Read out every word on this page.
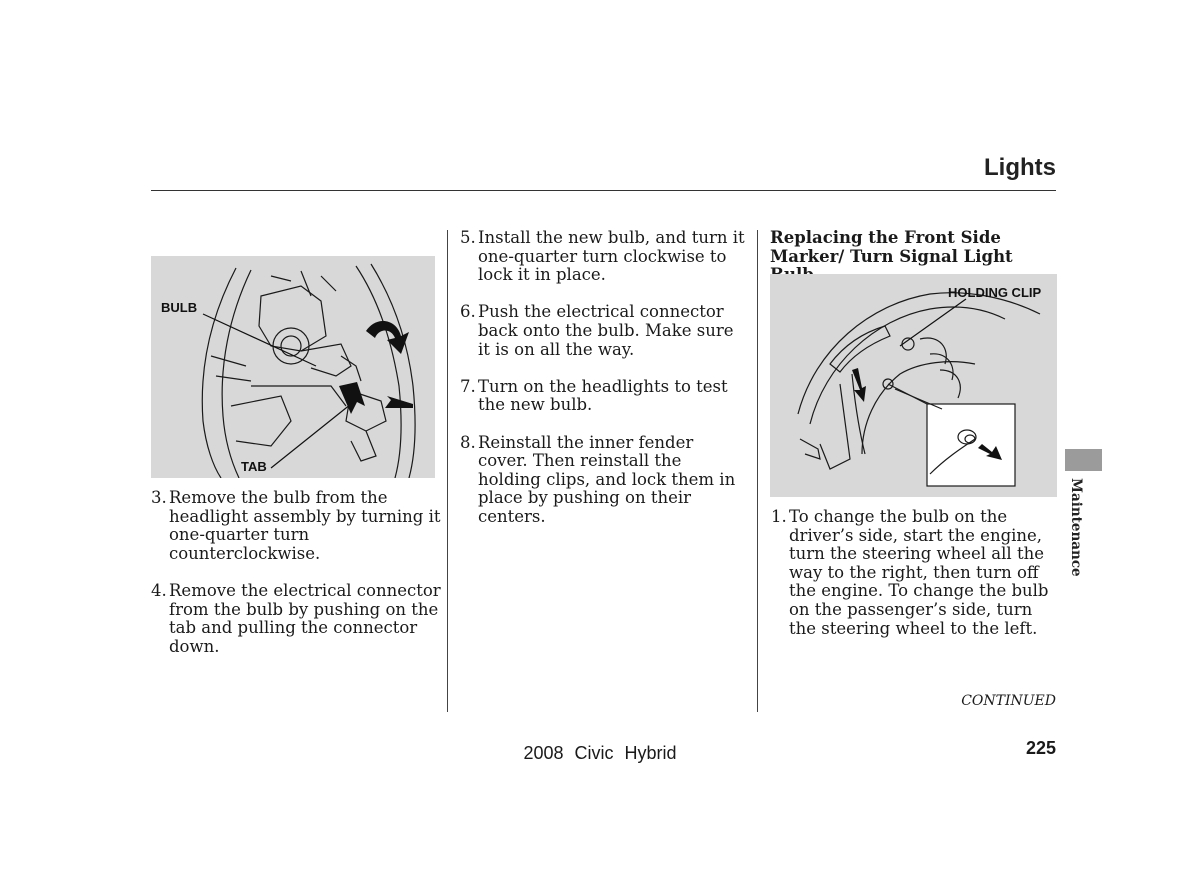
Lights
BULB
TAB
3. Remove the bulb from the headlight assembly by turning it one-quarter turn counterclockwise.
4. Remove the electrical connector from the bulb by pushing on the tab and pulling the connector down.
5. Install the new bulb, and turn it one-quarter turn clockwise to lock it in place.
6. Push the electrical connector back onto the bulb. Make sure it is on all the way.
7. Turn on the headlights to test the new bulb.
8. Reinstall the inner fender cover. Then reinstall the holding clips, and lock them in place by pushing on their centers.
Replacing the Front Side Marker/ Turn Signal Light
HOLDING CLIP
1. To change the bulb on the driver’s side, start the engine, turn the steering wheel all the way to the right, then turn off the engine. To change the bulb on the passenger’s side, turn the steering wheel to the left.
CONTINUED
Maintenance
2008 Civic Hybrid	225
